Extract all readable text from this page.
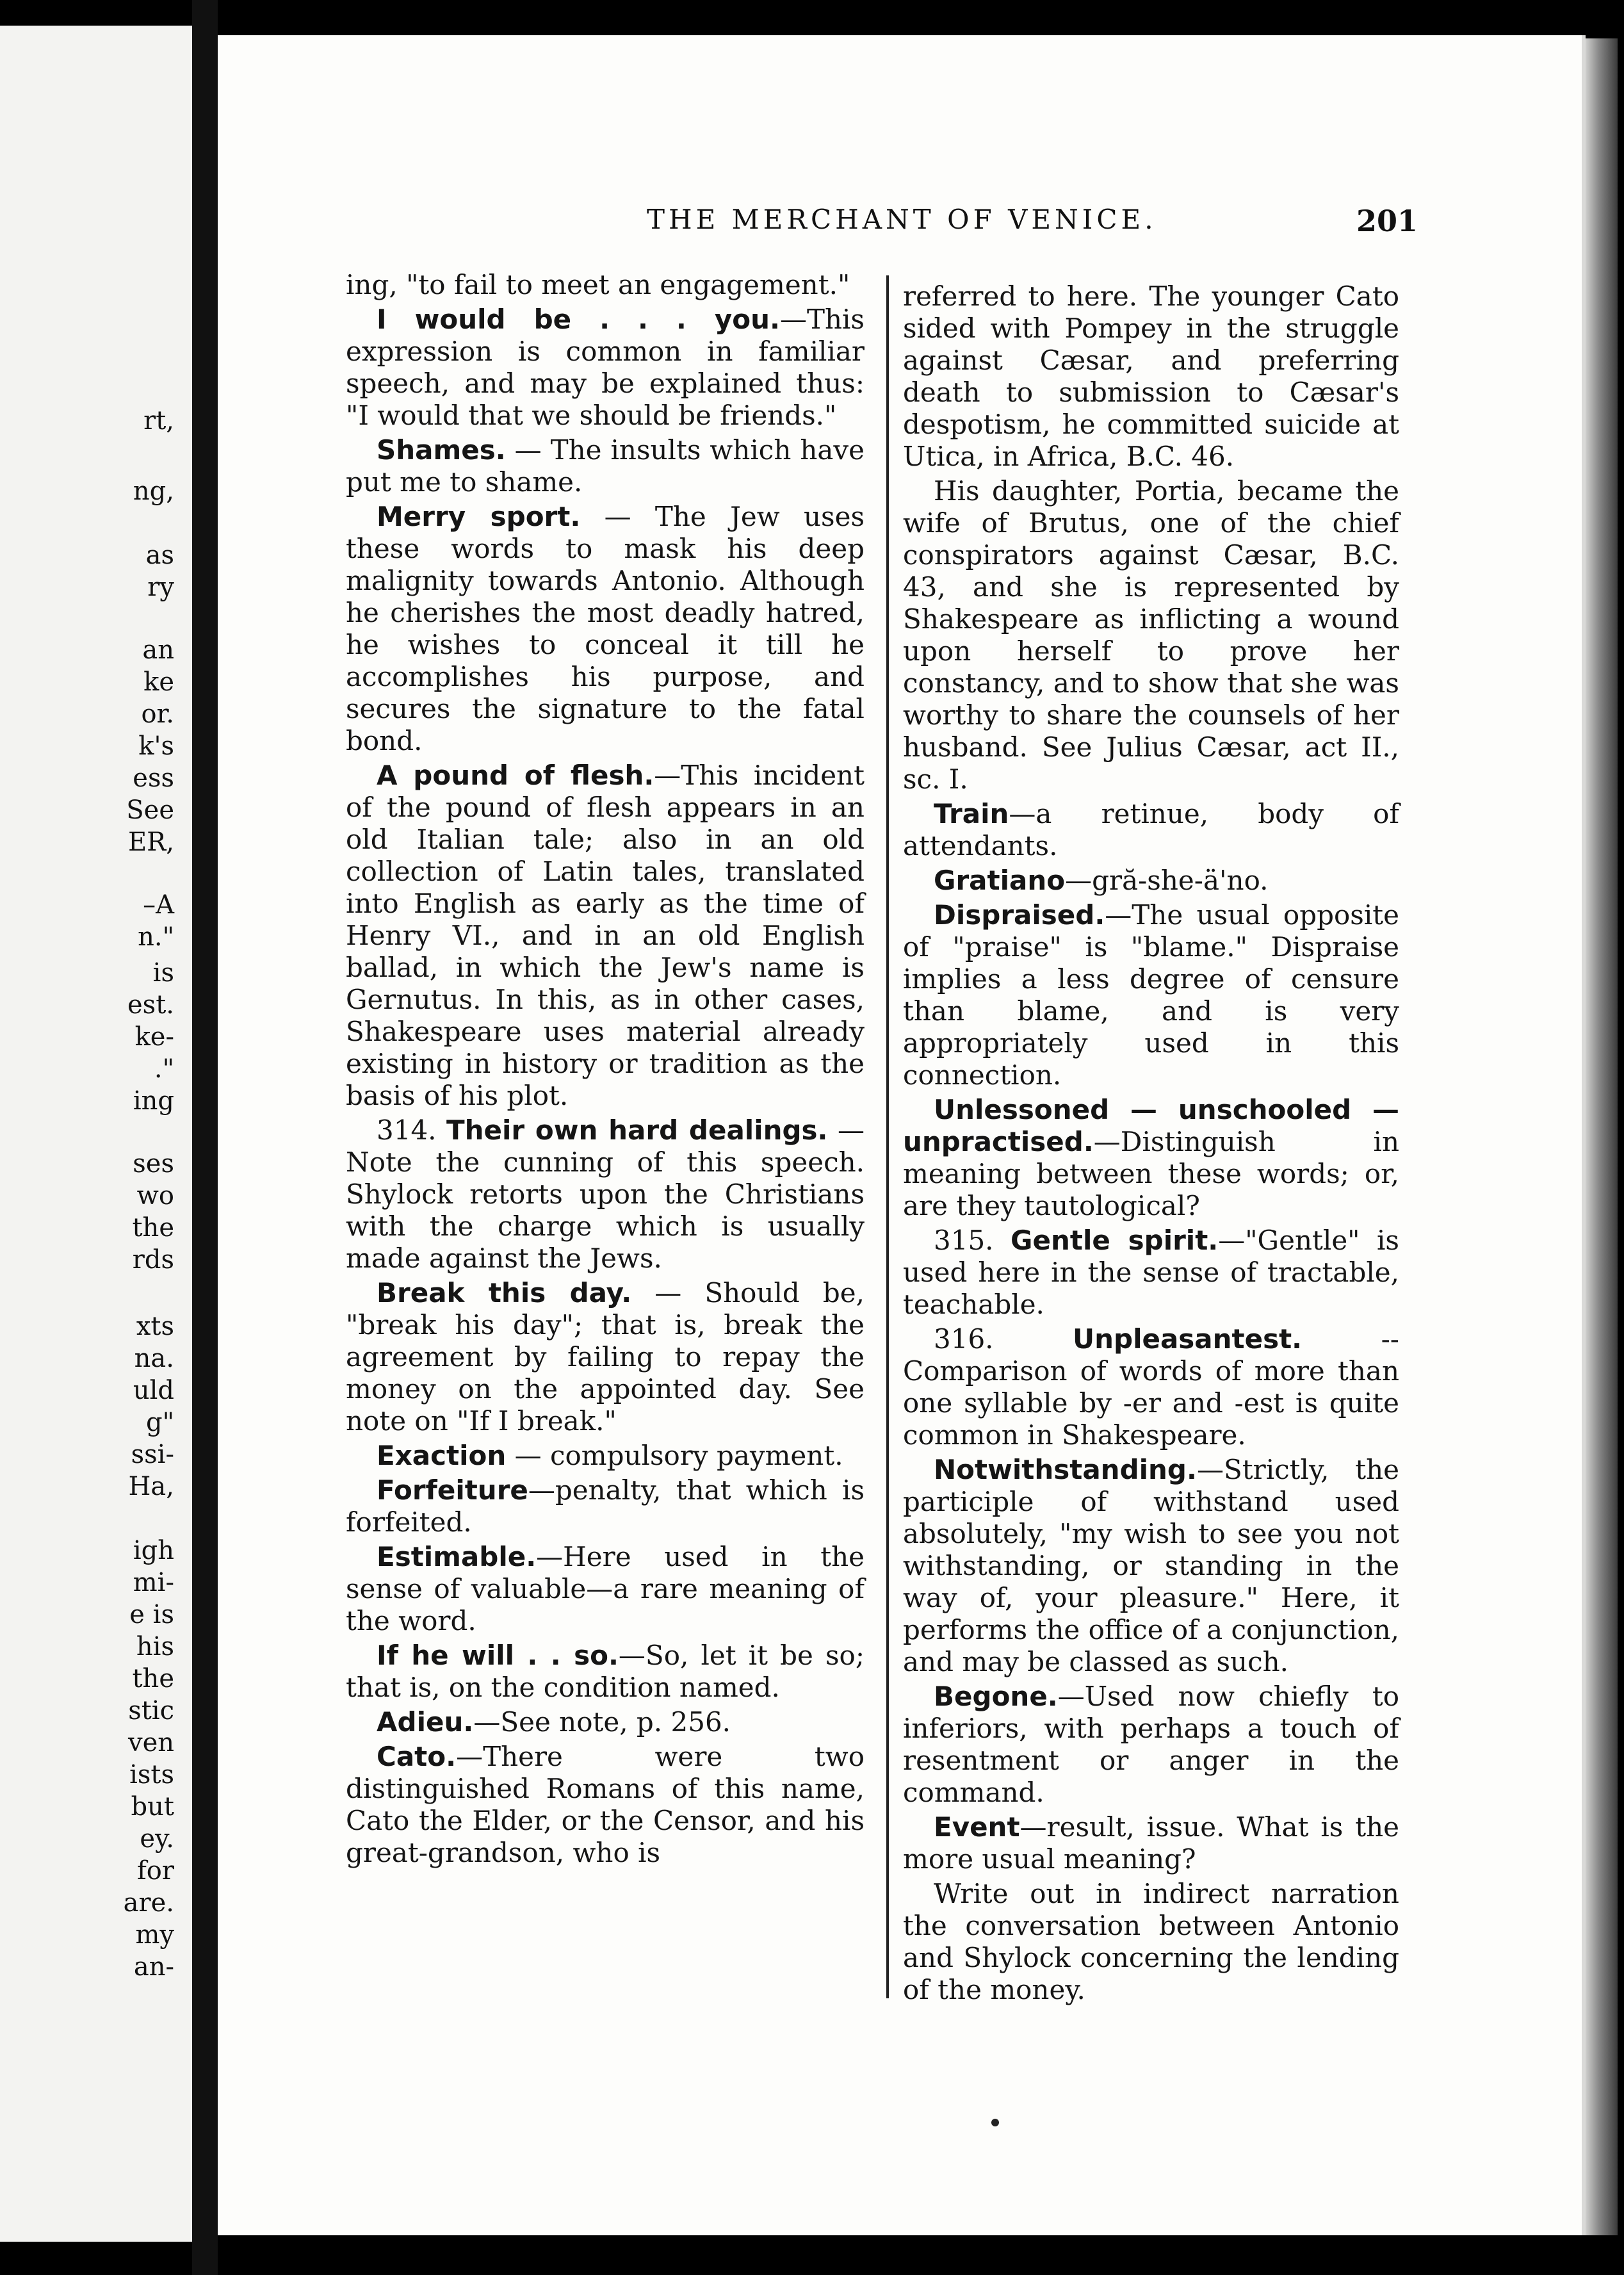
rt,
ng,
as
ry
an
ke
or.
k's
ess
See
ER,
–A
n."
is
est.
ke-
."
ing
ses
wo
the
rds
xts
na.
uld
g"
ssi-
Ha,
igh
mi-
e is
his
the
stic
ven
ists
but
ey.
for
are.
my
an-
THE MERCHANT OF VENICE.	201

ing, "to fail to meet an engagement."

I would be . . . you.—This expression is common in familiar speech, and may be explained thus: "I would that we should be friends."

Shames. — The insults which have put me to shame.

Merry sport. — The Jew uses these words to mask his deep malignity towards Antonio. Although he cherishes the most deadly hatred, he wishes to conceal it till he accomplishes his purpose, and secures the signature to the fatal bond.

A pound of flesh.—This incident of the pound of flesh appears in an old Italian tale; also in an old collection of Latin tales, translated into English as early as the time of Henry VI., and in an old English ballad, in which the Jew's name is Gernutus. In this, as in other cases, Shakespeare uses material already existing in history or tradition as the basis of his plot.

314. Their own hard dealings. —Note the cunning of this speech. Shylock retorts upon the Christians with the charge which is usually made against the Jews.

Break this day. — Should be, "break his day"; that is, break the agreement by failing to repay the money on the appointed day. See note on "If I break."

Exaction — compulsory payment.

Forfeiture—penalty, that which is forfeited.

Estimable.—Here used in the sense of valuable—a rare meaning of the word.

If he will . . so.—So, let it be so; that is, on the condition named.

Adieu.—See note, p. 256.

Cato.—There were two distinguished Romans of this name, Cato the Elder, or the Censor, and his great-grandson, who is

referred to here. The younger Cato sided with Pompey in the struggle against Cæsar, and preferring death to submission to Cæsar's despotism, he committed suicide at Utica, in Africa, B.C. 46.

His daughter, Portia, became the wife of Brutus, one of the chief conspirators against Cæsar, B.C. 43, and she is represented by Shakespeare as inflicting a wound upon herself to prove her constancy, and to show that she was worthy to share the counsels of her husband. See Julius Cæsar, act II., sc. I.

Train—a retinue, body of attendants.

Gratiano—gră-she-ä'no.

Dispraised.—The usual opposite of "praise" is "blame." Dispraise implies a less degree of censure than blame, and is very appropriately used in this connection.

Unlessoned — unschooled — unpractised.—Distinguish in meaning between these words; or, are they tautological?

315. Gentle spirit.—"Gentle" is used here in the sense of tractable, teachable.

316. Unpleasantest. -- Comparison of words of more than one syllable by -er and -est is quite common in Shakespeare.

Notwithstanding.—Strictly, the participle of withstand used absolutely, "my wish to see you not withstanding, or standing in the way of, your pleasure." Here, it performs the office of a conjunction, and may be classed as such.

Begone.—Used now chiefly to inferiors, with perhaps a touch of resentment or anger in the command.

Event—result, issue. What is the more usual meaning?

Write out in indirect narration the conversation between Antonio and Shylock concerning the lending of the money.
